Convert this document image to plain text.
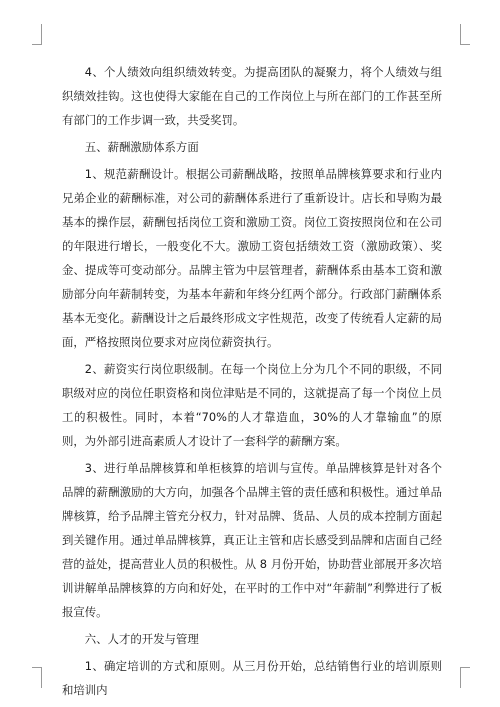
4、个人绩效向组织绩效转变。为提高团队的凝聚力，将个人绩效与组织绩效挂钩。这也使得大家能在自己的工作岗位上与所在部门的工作甚至所有部门的工作步调一致，共受奖罚。

五、薪酬激励体系方面

1、规范薪酬设计。根据公司薪酬战略，按照单品牌核算要求和行业内兄弟企业的薪酬标准，对公司的薪酬体系进行了重新设计。店长和导购为最基本的操作层，薪酬包括岗位工资和激励工资。岗位工资按照岗位和在公司的年限进行增长，一般变化不大。激励工资包括绩效工资（激励政策）、奖金、提成等可变动部分。品牌主管为中层管理者，薪酬体系由基本工资和激励部分向年薪制转变，为基本年薪和年终分红两个部分。行政部门薪酬体系基本无变化。薪酬设计之后最终形成文字性规范，改变了传统看人定薪的局面，严格按照岗位要求对应岗位薪资执行。

2、薪资实行岗位职级制。在每一个岗位上分为几个不同的职级，不同职级对应的岗位任职资格和岗位津贴是不同的，这就提高了每一个岗位上员工的积极性。同时，本着“70%的人才靠造血，30%的人才靠输血”的原则，为外部引进高素质人才设计了一套科学的薪酬方案。

3、进行单品牌核算和单柜核算的培训与宣传。单品牌核算是针对各个品牌的薪酬激励的大方向，加强各个品牌主管的责任感和积极性。通过单品牌核算，给予品牌主管充分权力，针对品牌、货品、人员的成本控制方面起到关键作用。通过单品牌核算，真正让主管和店长感受到品牌和店面自己经营的益处，提高营业人员的积极性。从 8 月份开始，协助营业部展开多次培训讲解单品牌核算的方向和好处，在平时的工作中对“年薪制”利弊进行了板报宣传。

六、人才的开发与管理

1、确定培训的方式和原则。从三月份开始，总结销售行业的培训原则和培训内
